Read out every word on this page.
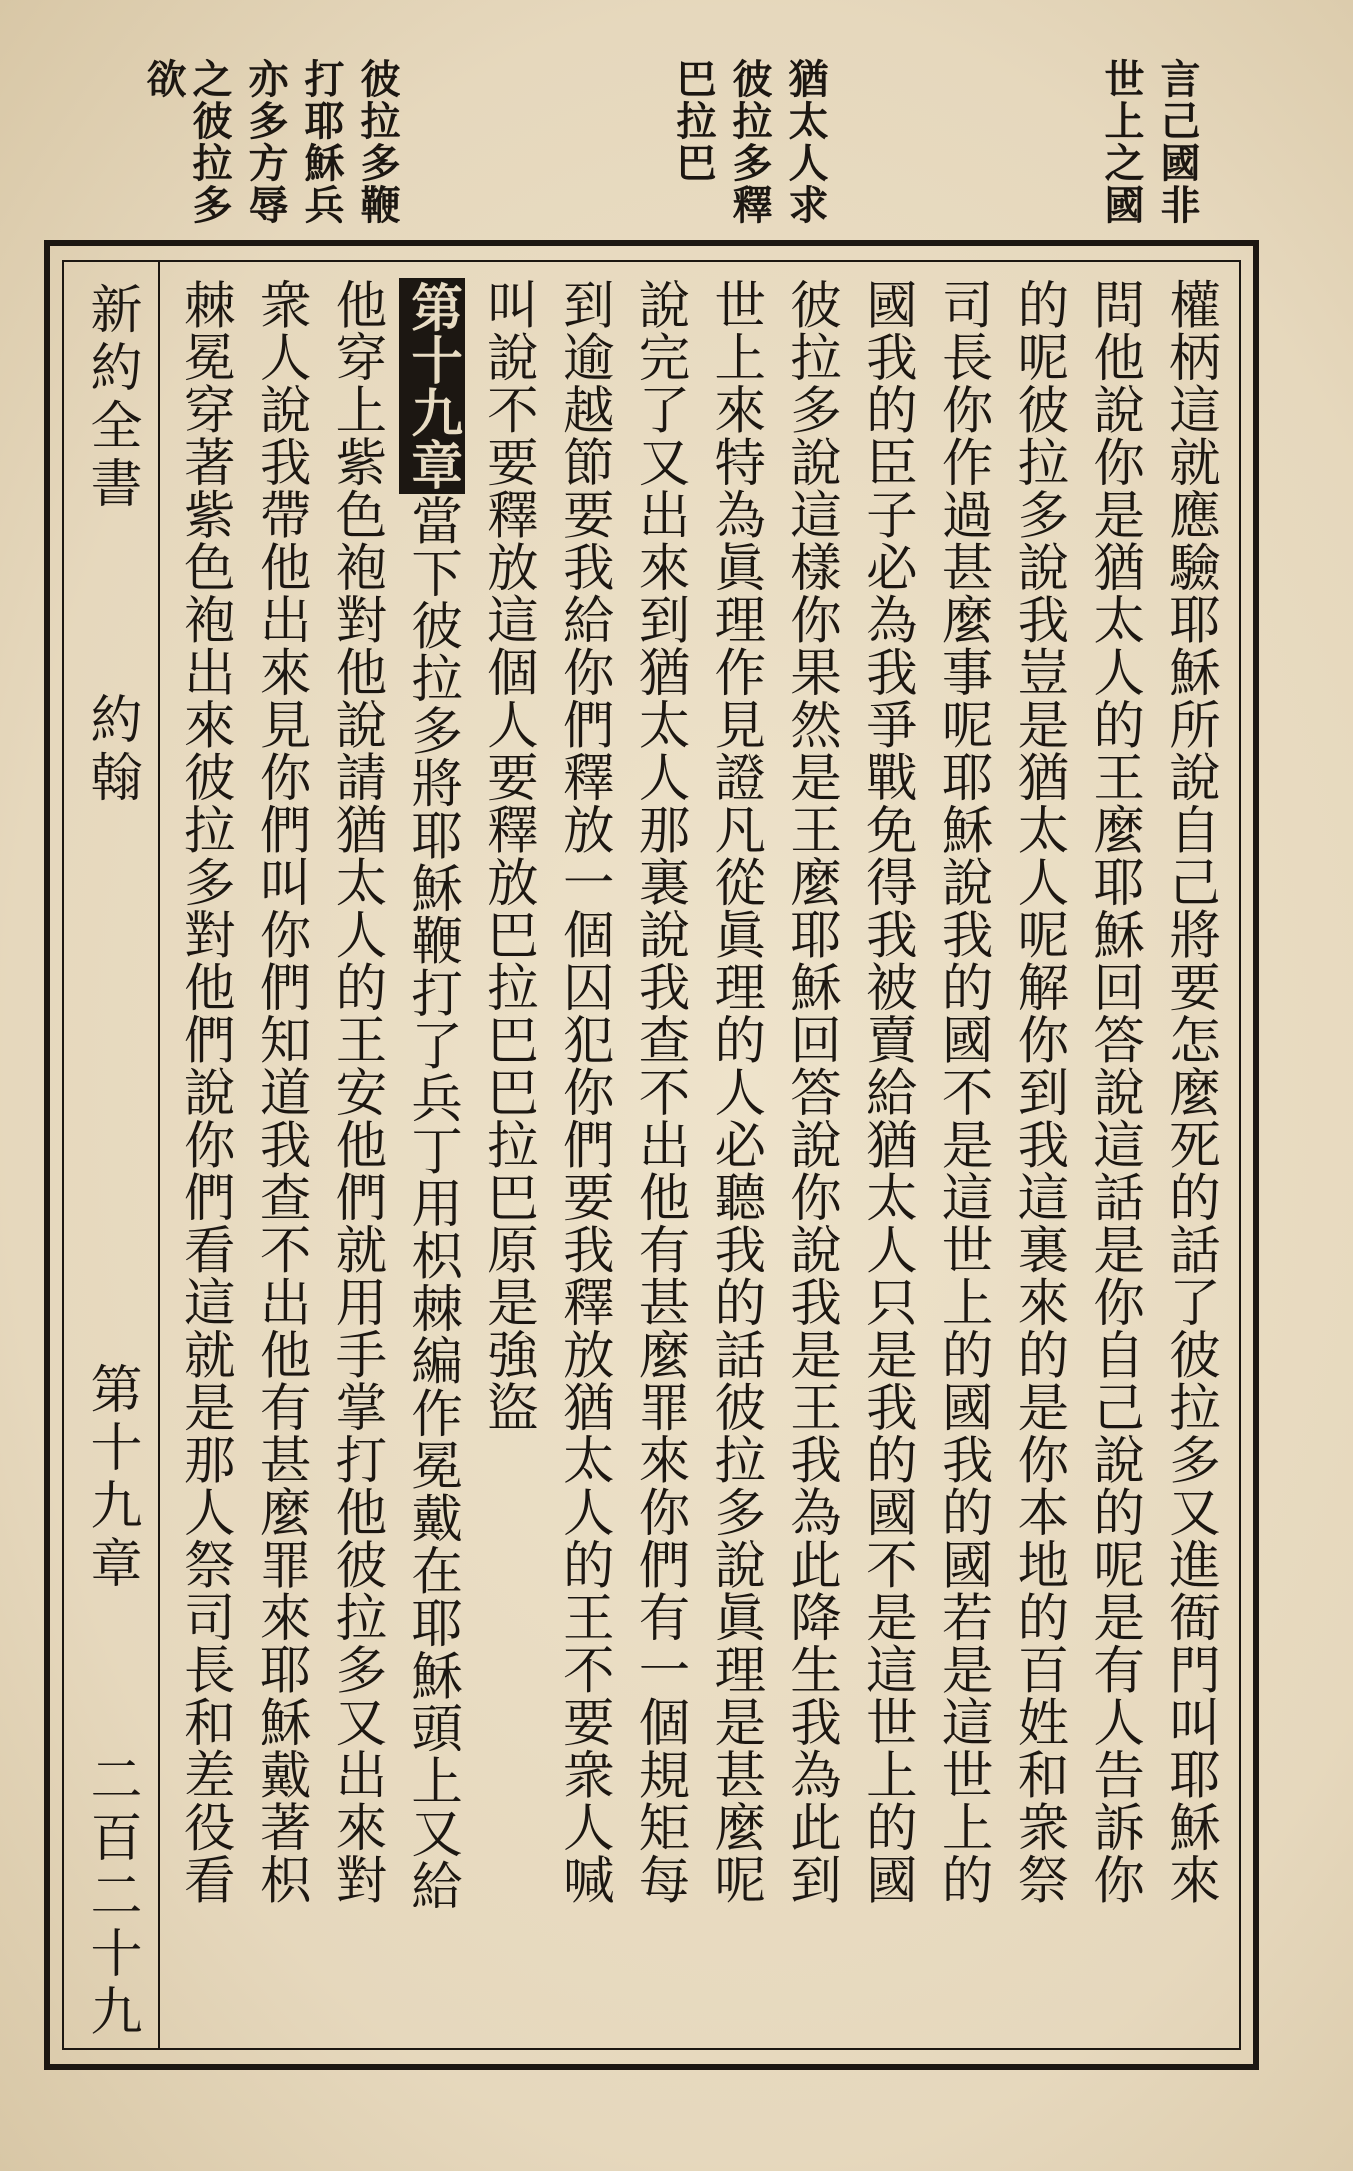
言己國非
世上之國
猶太人求
彼拉多釋
巴拉巴
彼拉多鞭
打耶穌兵
亦多方辱
之彼拉多欲
新約全書
約翰
第十九章
二百二十九	權柄這就應驗耶穌所說自己將要怎麼死的話了彼拉多又進衙門叫耶穌來
問他說你是猶太人的王麼耶穌回答說這話是你自己說的呢是有人告訴你
的呢彼拉多說我豈是猶太人呢解你到我這裏來的是你本地的百姓和衆祭
司長你作過甚麼事呢耶穌說我的國不是這世上的國我的國若是這世上的
國我的臣子必為我爭戰免得我被賣給猶太人只是我的國不是這世上的國
彼拉多說這樣你果然是王麼耶穌回答說你說我是王我為此降生我為此到
世上來特為眞理作見證凡從眞理的人必聽我的話彼拉多說眞理是甚麼呢
說完了又出來到猶太人那裏說我查不出他有甚麼罪來你們有一個規矩每
到逾越節要我給你們釋放一個囚犯你們要我釋放猶太人的王不要衆人喊
叫說不要釋放這個人要釋放巴拉巴巴拉巴原是強盜
第十九章當下彼拉多將耶穌鞭打了兵丁用枳棘編作冕戴在耶穌頭上又給
他穿上紫色袍對他說請猶太人的王安他們就用手掌打他彼拉多又出來對
衆人說我帶他出來見你們叫你們知道我查不出他有甚麼罪來耶穌戴著枳
棘冕穿著紫色袍出來彼拉多對他們說你們看這就是那人祭司長和差役看
